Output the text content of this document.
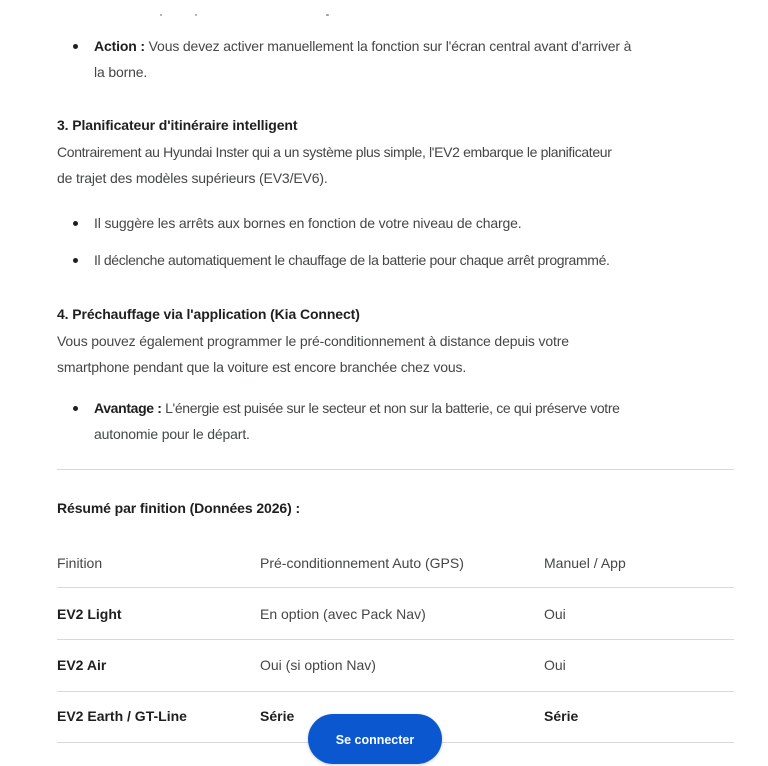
Action : Vous devez activer manuellement la fonction sur l'écran central avant d'arriver à
la borne.
3. Planificateur d'itinéraire intelligent
Contrairement au Hyundai Inster qui a un système plus simple, l'EV2 embarque le planificateur
de trajet des modèles supérieurs (EV3/EV6).
Il suggère les arrêts aux bornes en fonction de votre niveau de charge.
Il déclenche automatiquement le chauffage de la batterie pour chaque arrêt programmé.
4. Préchauffage via l'application (Kia Connect)
Vous pouvez également programmer le pré-conditionnement à distance depuis votre
smartphone pendant que la voiture est encore branchée chez vous.
Avantage : L'énergie est puisée sur le secteur et non sur la batterie, ce qui préserve votre
autonomie pour le départ.
Résumé par finition (Données 2026) :
Finition	Pré-conditionnement Auto (GPS)	Manuel / App
EV2 Light	En option (avec Pack Nav)	Oui
EV2 Air	Oui (si option Nav)	Oui
EV2 Earth / GT-Line	Série	Série
Se connecter
